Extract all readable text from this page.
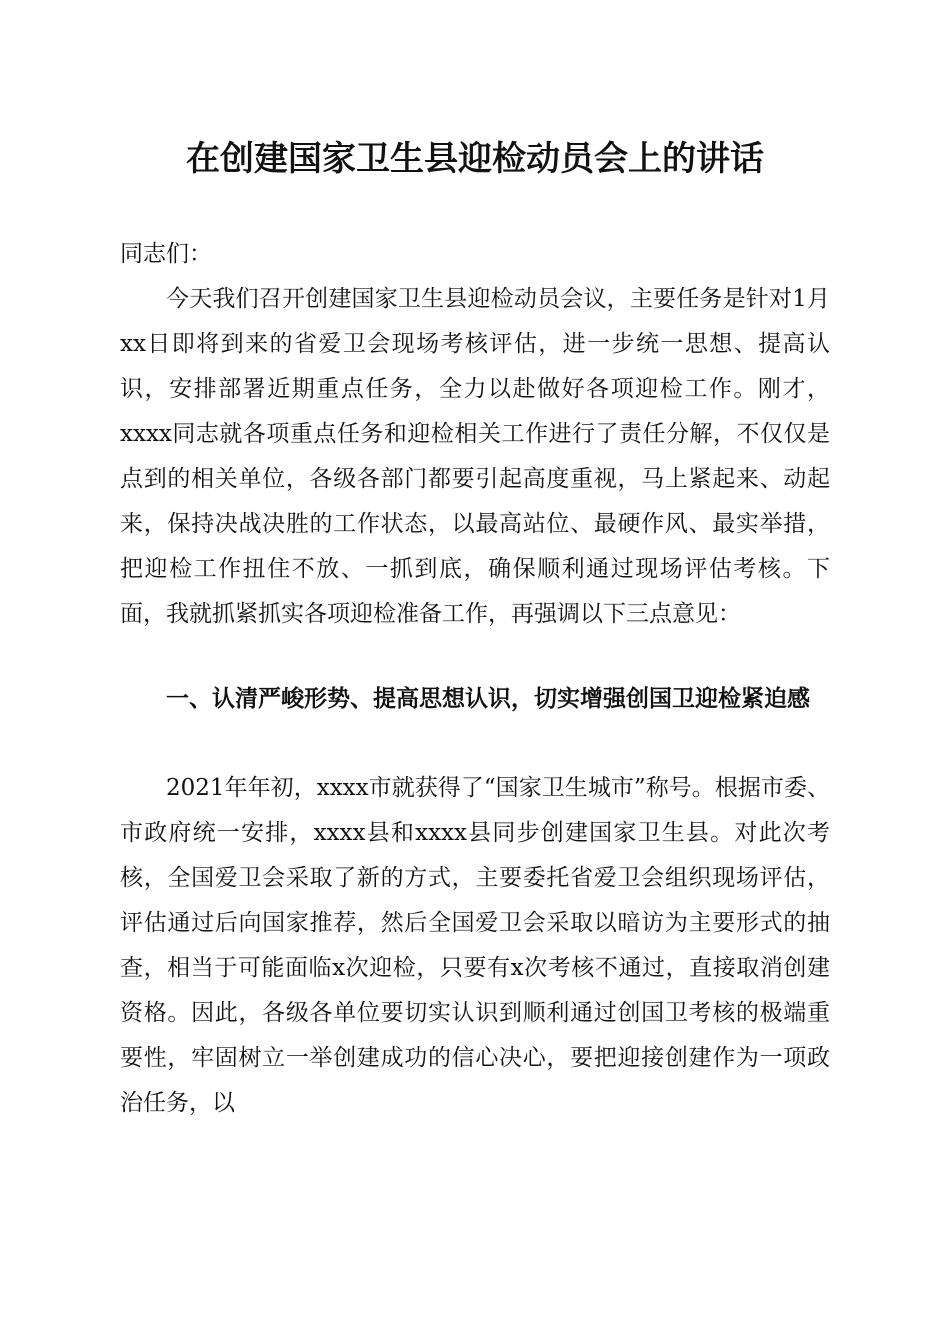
在创建国家卫生县迎检动员会上的讲话

同志们：

今天我们召开创建国家卫生县迎检动员会议，主要任务是针对1月xx日即将到来的省爱卫会现场考核评估，进一步统一思想、提高认识，安排部署近期重点任务，全力以赴做好各项迎检工作。刚才，xxxx同志就各项重点任务和迎检相关工作进行了责任分解，不仅仅是点到的相关单位，各级各部门都要引起高度重视，马上紧起来、动起来，保持决战决胜的工作状态，以最高站位、最硬作风、最实举措，把迎检工作扭住不放、一抓到底，确保顺利通过现场评估考核。下面，我就抓紧抓实各项迎检准备工作，再强调以下三点意见：

一、认清严峻形势、提高思想认识，切实增强创国卫迎检紧迫感

2021年年初，xxxx市就获得了“国家卫生城市”称号。根据市委、市政府统一安排，xxxx县和xxxx县同步创建国家卫生县。对此次考核，全国爱卫会采取了新的方式，主要委托省爱卫会组织现场评估，评估通过后向国家推荐，然后全国爱卫会采取以暗访为主要形式的抽查，相当于可能面临x次迎检，只要有x次考核不通过，直接取消创建资格。因此，各级各单位要切实认识到顺利通过创国卫考核的极端重要性，牢固树立一举创建成功的信心决心，要把迎接创建作为一项政治任务，以
